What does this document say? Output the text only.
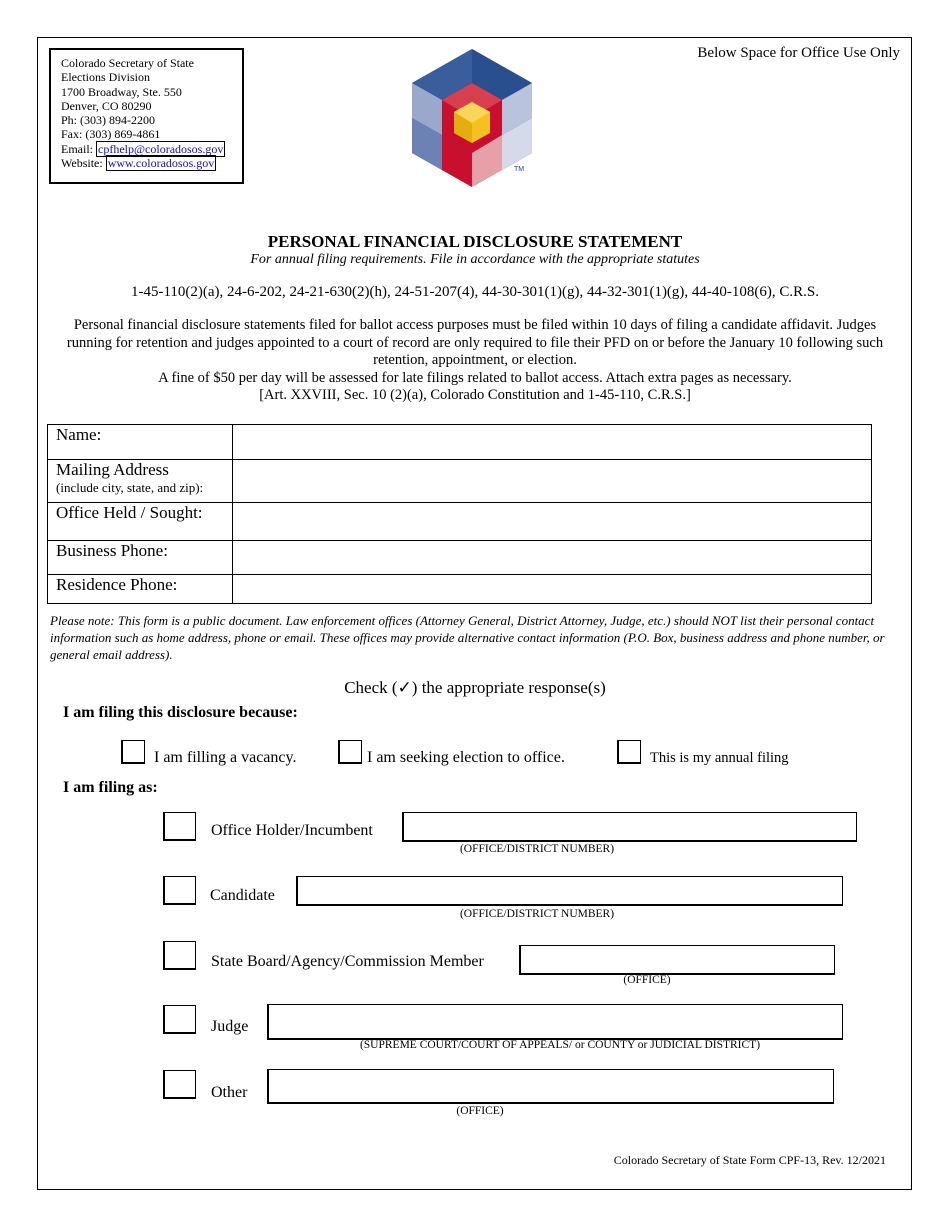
Colorado Secretary of State
Elections Division
1700 Broadway, Ste. 550
Denver, CO 80290
Ph: (303) 894-2200
Fax: (303) 869-4861
Email: cpfhelp@coloradosos.gov
Website: www.coloradosos.gov	TM
Below Space for Office Use Only
PERSONAL FINANCIAL DISCLOSURE STATEMENT
For annual filing requirements. File in accordance with the appropriate statutes
1-45-110(2)(a), 24-6-202, 24-21-630(2)(h), 24-51-207(4), 44-30-301(1)(g), 44-32-301(1)(g), 44-40-108(6), C.R.S.
Personal financial disclosure statements filed for ballot access purposes must be filed within 10 days of filing a candidate affidavit. Judges running for retention and judges appointed to a court of record are only required to file their PFD on or before the January 10 following such retention, appointment, or election.
A fine of $50 per day will be assessed for late filings related to ballot access. Attach extra pages as necessary.
[Art. XXVIII, Sec. 10 (2)(a), Colorado Constitution and 1-45-110, C.R.S.]
Name:	

Mailing Address
(include city, state, and zip):	

Office Held / Sought:	
Business Phone:	
Residence Phone:	
Please note: This form is a public document. Law enforcement offices (Attorney General, District Attorney, Judge, etc.) should NOT list their personal contact information such as home address, phone or email. These offices may provide alternative contact information (P.O. Box, business address and phone number, or general email address).
Check (✓) the appropriate response(s)
I am filing this disclosure because:
I am filling a vacancy.	I am seeking election to office.	This is my annual filing
I am filing as:
Office Holder/Incumbent
(OFFICE/DISTRICT NUMBER)
Candidate
(OFFICE/DISTRICT NUMBER)
State Board/Agency/Commission Member
(OFFICE)
Judge
(SUPREME COURT/COURT OF APPEALS/ or COUNTY or JUDICIAL DISTRICT)
Other
(OFFICE)
Colorado Secretary of State Form CPF-13, Rev. 12/2021
